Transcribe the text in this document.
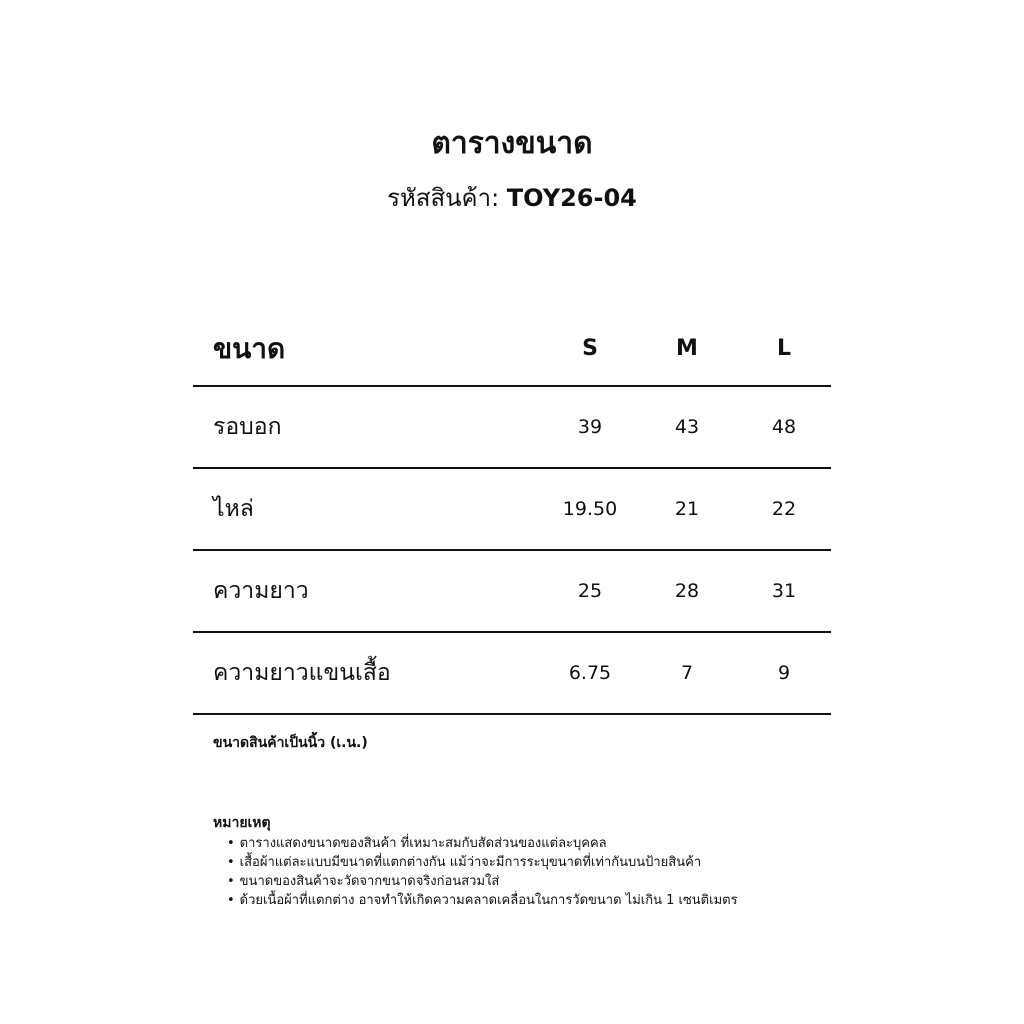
ตารางขนาด
รหัสสินค้า: TOY26-04
ขนาด	S	M	L
รอบอก	39	43	48
ไหล่	19.50	21	22
ความยาว	25	28	31
ความยาวแขนเสื้อ	6.75	7	9
ขนาดสินค้าเป็นนิ้ว (เ.น.)
หมายเหตุ
• ตารางแสดงขนาดของสินค้า ที่เหมาะสมกับสัดส่วนของแต่ละบุคคล
• เสื้อผ้าแต่ละแบบมีขนาดที่แตกต่างกัน แม้ว่าจะมีการระบุขนาดที่เท่ากันบนป้ายสินค้า
• ขนาดของสินค้าจะวัดจากขนาดจริงก่อนสวมใส่
• ด้วยเนื้อผ้าที่แตกต่าง อาจทำให้เกิดความคลาดเคลื่อนในการวัดขนาด ไม่เกิน 1 เซนติเมตร
